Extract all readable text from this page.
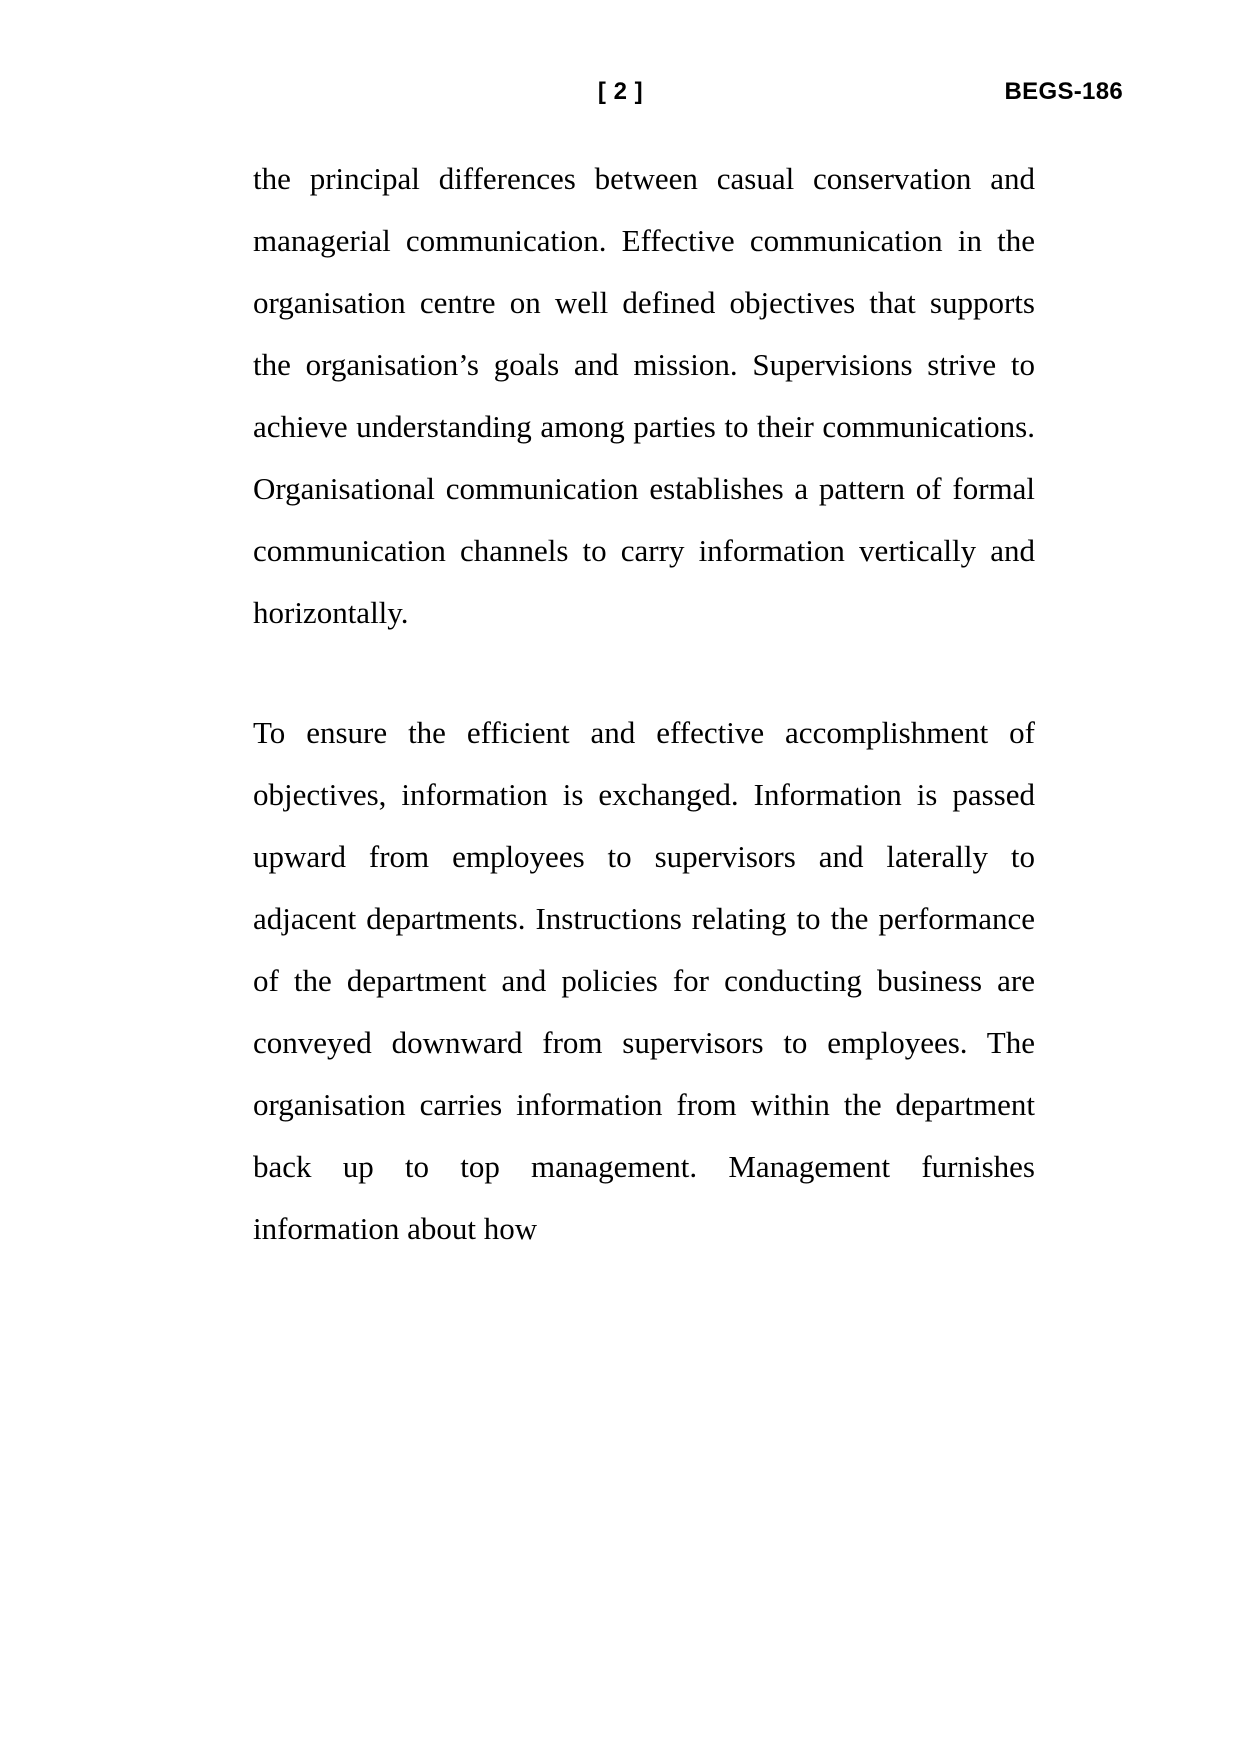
[ 2 ]	BEGS-186

the principal differences between casual conservation and managerial communication. Effective communication in the organisation centre on well defined objectives that supports the organisation’s goals and mission. Supervisions strive to achieve understanding among parties to their communications. Organisational communication establishes a pattern of formal communication channels to carry information vertically and horizontally.

To ensure the efficient and effective accomplishment of objectives, information is exchanged. Information is passed upward from employees to supervisors and laterally to adjacent departments. Instructions relating to the performance of the department and policies for conducting business are conveyed downward from supervisors to employees. The organisation carries information from within the department back up to top management. Management furnishes information about how
